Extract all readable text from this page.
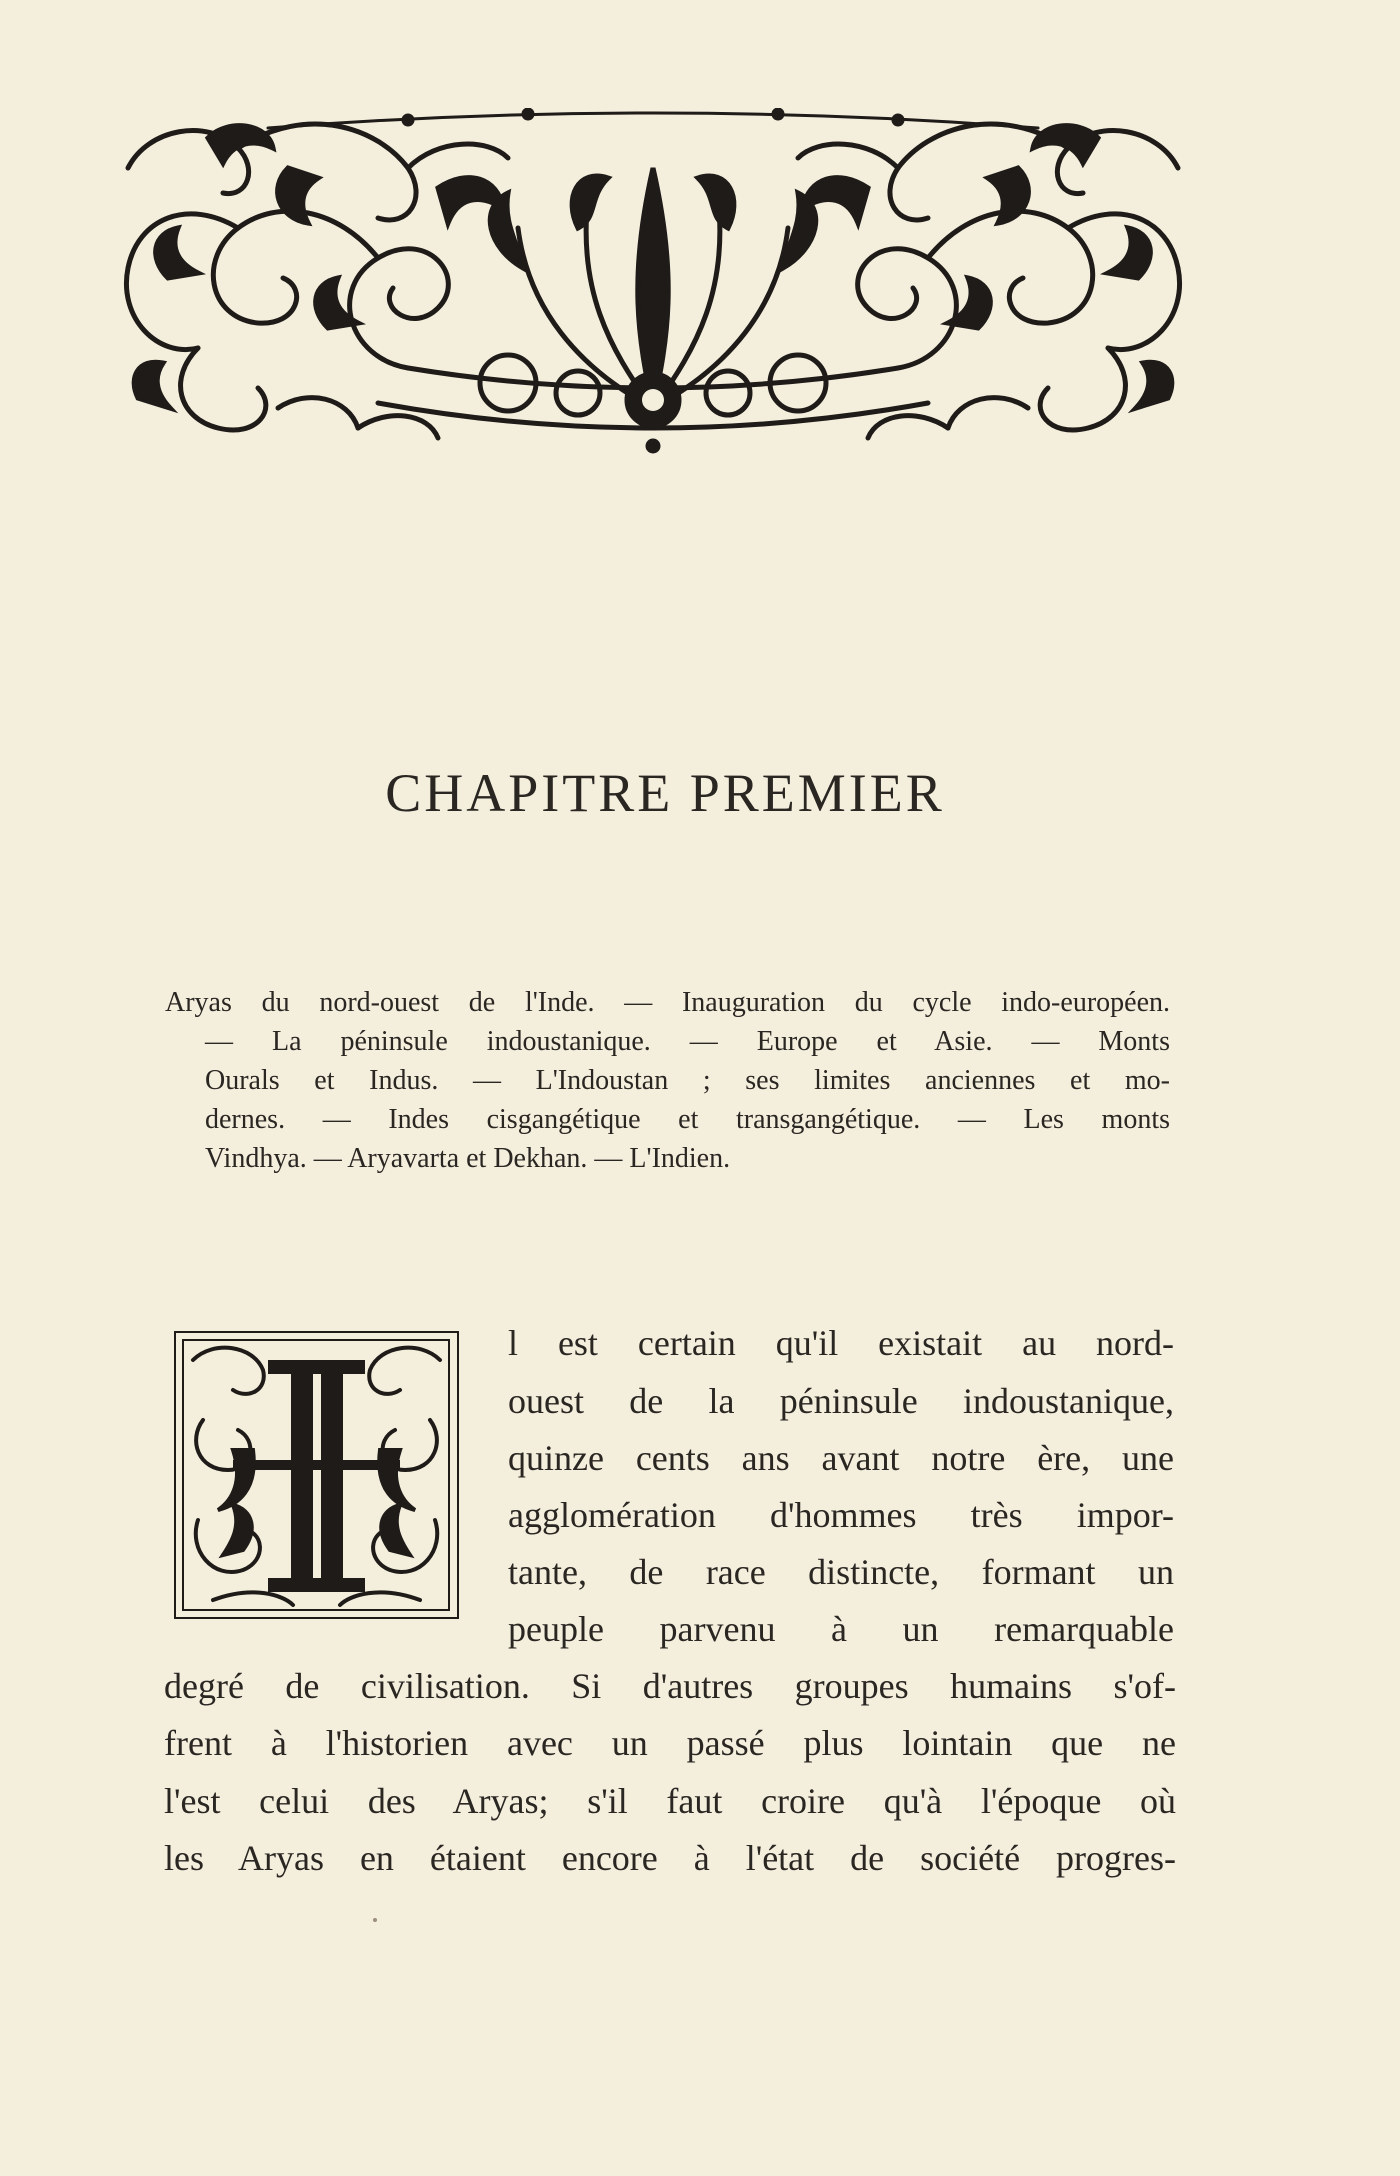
CHAPITRE PREMIER
Aryas du nord-ouest de l'Inde. — Inauguration du cycle indo-européen.
— La péninsule indoustanique. — Europe et Asie. — Monts
Ourals et Indus. — L'Indoustan ; ses limites anciennes et mo-
dernes. — Indes cisgangétique et transgangétique. — Les monts
Vindhya. — Aryavarta et Dekhan. — L'Indien.
I
l est certain qu'il existait au nord-
ouest de la péninsule indoustanique,
quinze cents ans avant notre ère, une
agglomération d'hommes très impor-
tante, de race distincte, formant un
peuple parvenu à un remarquable
degré de civilisation. Si d'autres groupes humains s'of-
frent à l'historien avec un passé plus lointain que ne
l'est celui des Aryas; s'il faut croire qu'à l'époque où
les Aryas en étaient encore à l'état de société progres-
